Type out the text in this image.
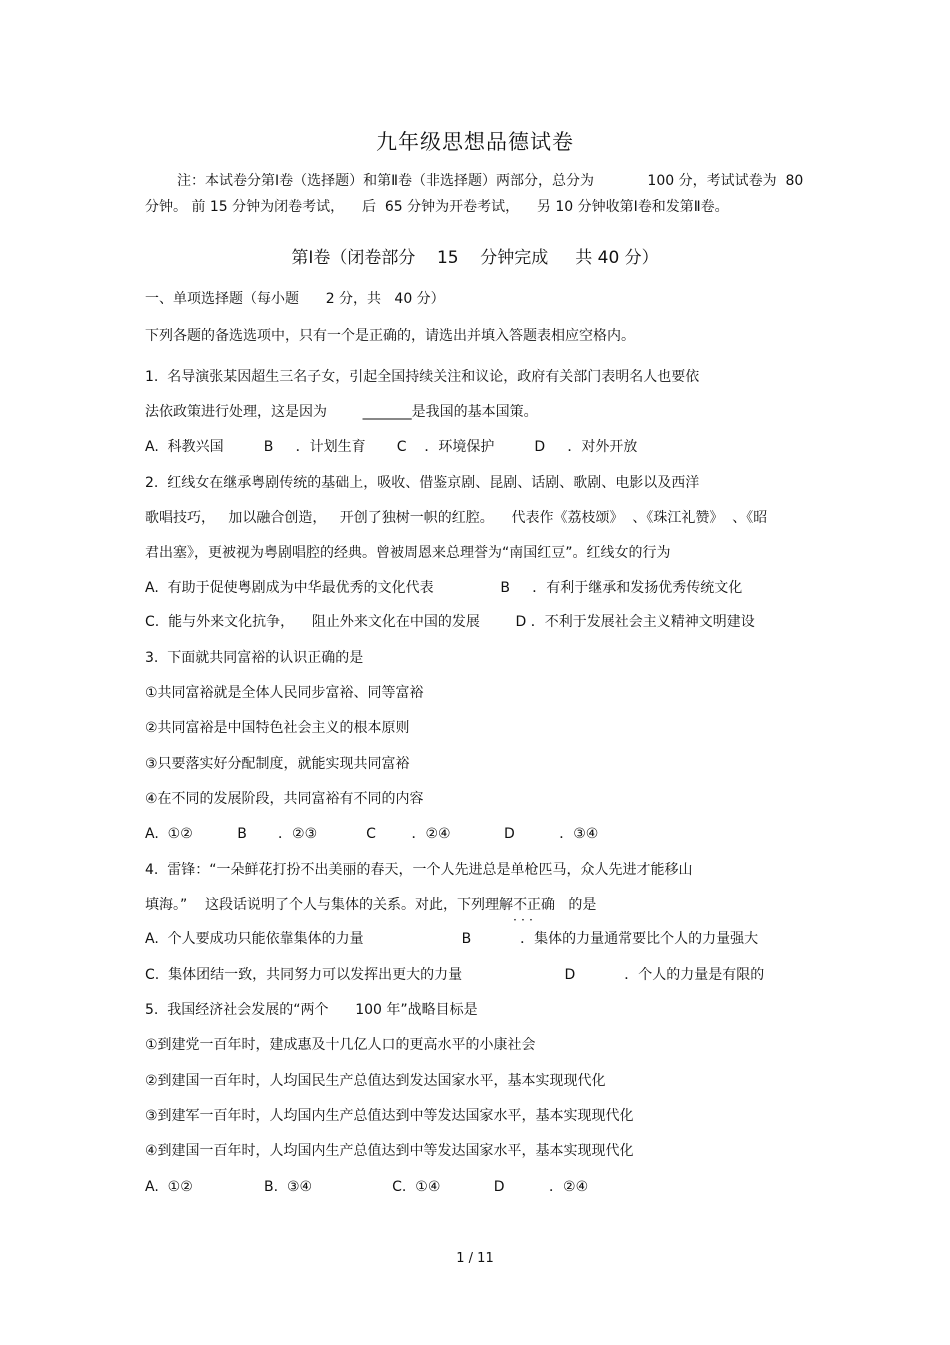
九年级思想品德试卷
注：本试卷分第Ⅰ卷（选择题）和第Ⅱ卷（非选择题）两部分，总分为            100 分，考试试卷为  80 分钟。 前 15 分钟为闭卷考试，    后  65 分钟为开卷考试，    另 10 分钟收第Ⅰ卷和发第Ⅱ卷。
第Ⅰ卷（闭卷部分    15    分钟完成     共 40 分）
一、单项选择题（每小题      2 分，共   40 分）
下列各题的备选选项中，只有一个是正确的，请选出并填入答题表相应空格内。
1.  名导演张某因超生三名子女，引起全国持续关注和议论，政府有关部门表明名人也要依
法依政策进行处理，这是因为        _______是我国的基本国策。
A.  科教兴国         B     ．计划生育       C    ．环境保护         D     ．对外开放
2.  红线女在继承粤剧传统的基础上，吸收、借鉴京剧、昆剧、话剧、歌剧、电影以及西洋
歌唱技巧，   加以融合创造，   开创了独树一帜的红腔。    代表作《荔枝颂》  、《珠江礼赞》  、《昭
君出塞》，更被视为粤剧唱腔的经典。曾被周恩来总理誉为“南国红豆”。红线女的行为
A.  有助于促使粤剧成为中华最优秀的文化代表               B     ．有利于继承和发扬优秀传统文化
C.  能与外来文化抗争，    阻止外来文化在中国的发展        D ．不利于发展社会主义精神文明建设
3.  下面就共同富裕的认识正确的是
①共同富裕就是全体人民同步富裕、同等富裕
②共同富裕是中国特色社会主义的根本原则
③只要落实好分配制度，就能实现共同富裕
④在不同的发展阶段，共同富裕有不同的内容
A.  ①②          B       ．②③           C        ．②④            D          ．③④
4.  雷锋：“一朵鲜花打扮不出美丽的春天，一个人先进总是单枪匹马，众人先进才能移山
填海。”    这段话说明了个人与集体的关系。对此，下列理解不正确 ．．．   的是
A.  个人要成功只能依靠集体的力量                      B           ．集体的力量通常要比个人的力量强大
C.  集体团结一致，共同努力可以发挥出更大的力量                       D           ．个人的力量是有限的
5.  我国经济社会发展的“两个      100 年”战略目标是
①到建党一百年时，建成惠及十几亿人口的更高水平的小康社会
②到建国一百年时，人均国民生产总值达到发达国家水平，基本实现现代化
③到建军一百年时，人均国内生产总值达到中等发达国家水平，基本实现现代化
④到建国一百年时，人均国内生产总值达到中等发达国家水平，基本实现现代化
A.  ①②                B.  ③④                  C.  ①④            D          ．②④
1 / 11
